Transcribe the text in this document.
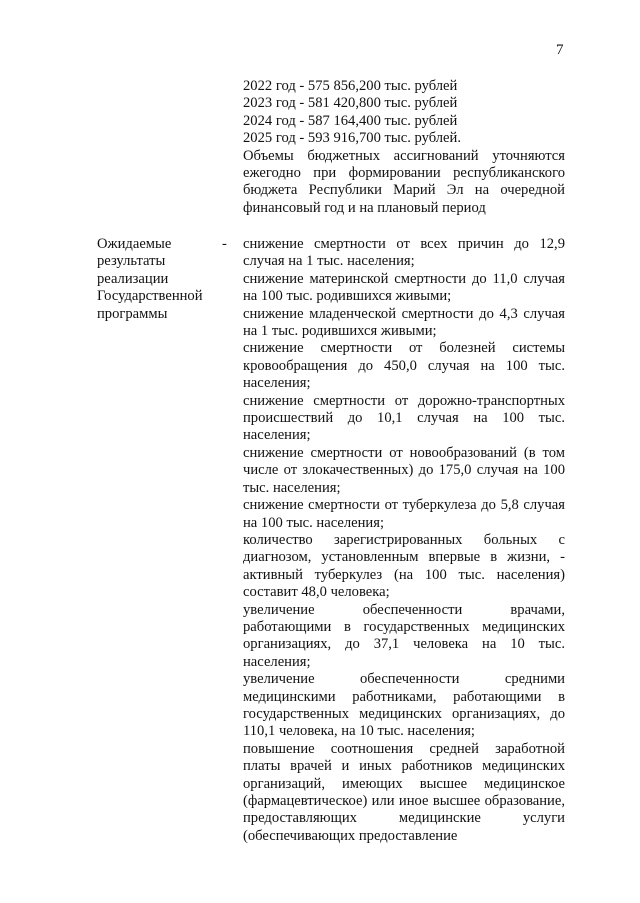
7
2022 год - 575 856,200 тыс. рублей
2023 год - 581 420,800 тыс. рублей
2024 год - 587 164,400 тыс. рублей
2025 год - 593 916,700 тыс. рублей.
Объемы бюджетных ассигнований уточняются ежегодно при формировании республиканского бюджета Республики Марий Эл на очередной финансовый год и на плановый период
Ожидаемые
результаты
реализации
Государственной
программы
- снижение смертности от всех причин до 12,9 случая на 1 тыс. населения;
снижение материнской смертности до 11,0 случая на 100 тыс. родившихся живыми;
снижение младенческой смертности до 4,3 случая на 1 тыс. родившихся живыми;
снижение смертности от болезней системы кровообращения до 450,0 случая на 100 тыс. населения;
снижение смертности от дорожно-транспортных происшествий до 10,1 случая на 100 тыс. населения;
снижение смертности от новообразований (в том числе от злокачественных) до 175,0 случая на 100 тыс. населения;
снижение смертности от туберкулеза до 5,8 случая на 100 тыс. населения;
количество зарегистрированных больных с диагнозом, установленным впервые в жизни, - активный туберкулез (на 100 тыс. населения) составит 48,0 человека;
увеличение обеспеченности врачами, работающими в государственных медицинских организациях, до 37,1 человека на 10 тыс. населения;
увеличение обеспеченности средними медицинскими работниками, работающими в государственных медицинских организациях, до 110,1 человека, на 10 тыс. населения;
повышение соотношения средней заработной платы врачей и иных работников медицинских организаций, имеющих высшее медицинское (фармацевтическое) или иное высшее образование, предоставляющих медицинские услуги (обеспечивающих предоставление
